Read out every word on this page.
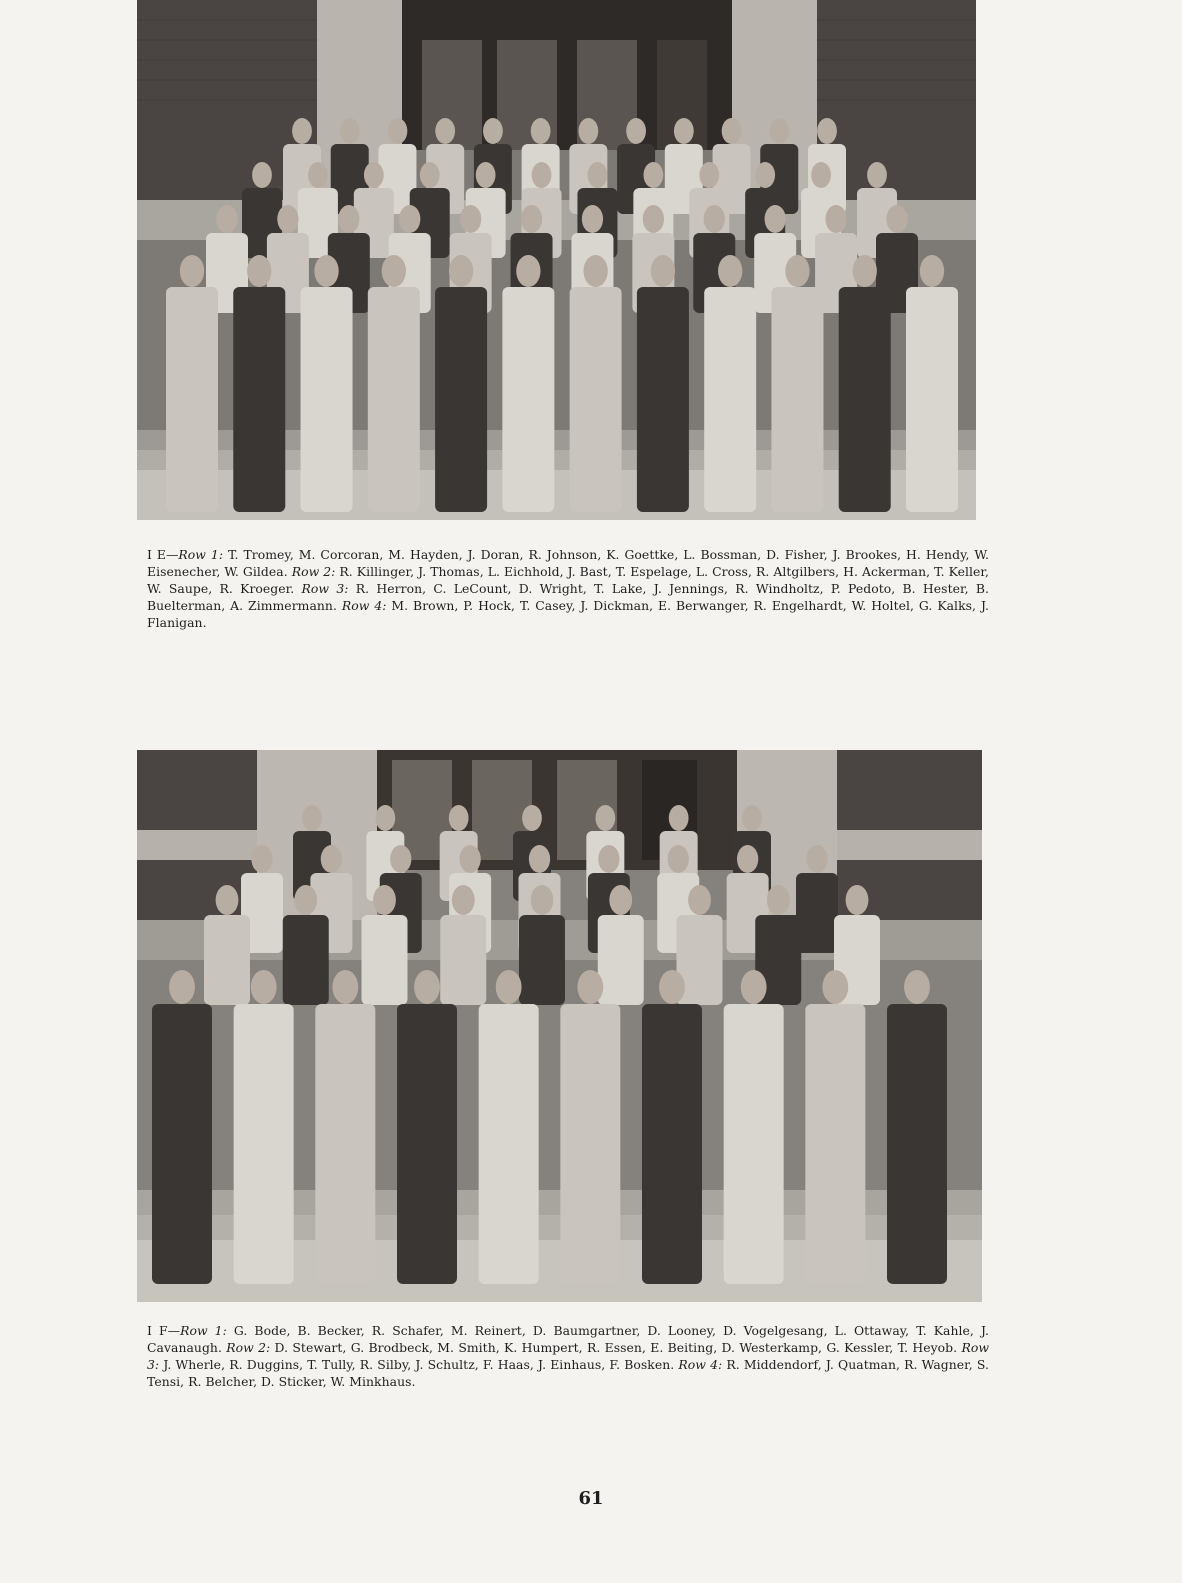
I E—Row 1: T. Tromey, M. Corcoran, M. Hayden, J. Doran, R. Johnson, K. Goettke, L. Bossman, D. Fisher, J. Brookes, H. Hendy, W. Eisenecher, W. Gildea. Row 2: R. Killinger, J. Thomas, L. Eichhold, J. Bast, T. Espelage, L. Cross, R. Altgilbers, H. Ackerman, T. Keller, W. Saupe, R. Kroeger. Row 3: R. Herron, C. LeCount, D. Wright, T. Lake, J. Jennings, R. Windholtz, P. Pedoto, B. Hester, B. Buelterman, A. Zimmermann. Row 4: M. Brown, P. Hock, T. Casey, J. Dickman, E. Berwanger, R. Engelhardt, W. Holtel, G. Kalks, J. Flanigan.
I F—Row 1: G. Bode, B. Becker, R. Schafer, M. Reinert, D. Baumgartner, D. Looney, D. Vogelgesang, L. Ottaway, T. Kahle, J. Cavanaugh. Row 2: D. Stewart, G. Brodbeck, M. Smith, K. Humpert, R. Essen, E. Beiting, D. Westerkamp, G. Kessler, T. Heyob. Row 3: J. Wherle, R. Duggins, T. Tully, R. Silby, J. Schultz, F. Haas, J. Einhaus, F. Bosken. Row 4: R. Middendorf, J. Quatman, R. Wagner, S. Tensi, R. Belcher, D. Sticker, W. Minkhaus.
61
